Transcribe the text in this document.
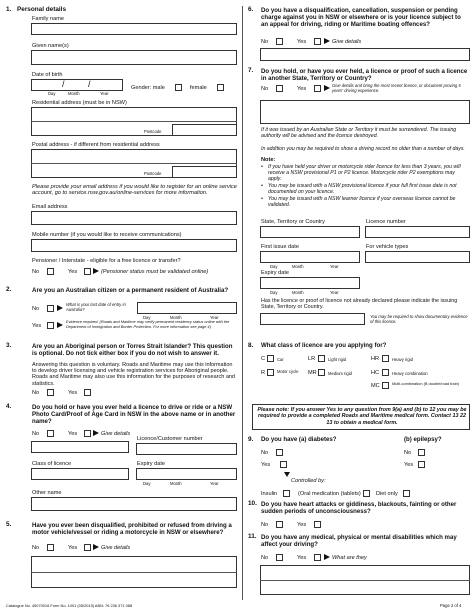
1. Personal details
Family name
Given name(s)
Date of birth
/	/
Day	Month	Year
Gender: male	female
Residential address (must be in NSW)
Postcode
Postal address - if different from residential address
Postcode
Please provide your email address if you would like to register for an online service account, go to service.nsw.gov.au/online-services for more information.
Email address
Mobile number (if you would like to receive communications)
Pensioner / Interstate - eligible for a free licence or transfer?
No	Yes	(Pensioner status must be validated online)
2.	Are you an Australian citizen or a permanent resident of Australia?
No
What is your last date of entry in Australia?
Day	Month	Year
Yes
Evidence required. (Roads and Maritime may verify permanent residency status online with the Department of Immigration and Border Protection. For more information see page 4)
3.	Are you an Aboriginal person or Torres Strait Islander? This question is optional. Do not tick either box if you do not wish to answer it.
Answering this question is voluntary. Roads and Maritime may use this information to develop driver licensing and vehicle registration services for Aboriginal people. Roads and Maritime may also use this information for the purposes of research and statistics.
No	Yes
4.	Do you hold or have you ever held a licence to drive or ride or a NSW Photo Card/Proof of Age Card in NSW in the above name or in another name?
No	Yes	Give details
Licence/Customer number
Class of licence	Expiry date
Day	Month	Year
Other name
5.	Have you ever been disqualified, prohibited or refused from driving a motor vehicle/vessel or riding a motorcycle in NSW or elsewhere?
No	Yes	Give details
Catalogue No. 45070016 Form No. 1001 (05/2015) ABN: 76 236 371 088
6. Do you have a disqualification, cancellation, suspension or pending charge against you in NSW or elsewhere or is your licence subject to an appeal for driving, riding or Maritime boating offences?
No	Yes	Give details
7. Do you hold, or have you ever held, a licence or proof of such a licence in another State, Territory or Country?
No	Yes
Give details and bring the most recent licence, or document proving 5 years' driving experience.
If it was issued by an Australian State or Territory it must be surrendered. The issuing authority will be advised and the licence destroyed.
In addition you may be required to show a driving record no older than a number of days.
Note:
• If you have held your driver or motorcycle rider licence for less than 3 years, you will receive a NSW provisional P1 or P2 licence. Motorcycle rider P2 exemptions may apply.
• You may be issued with a NSW provisional licence if your full first issue date is not documented on your licence.
• You may be issued with a NSW learner licence if your overseas licence cannot be validated.
State, Territory or Country	Licence number
First issue date
Day	Month	Year
For vehicle types
Expiry date
Day	Month	Year
Has the licence or proof of licence not already declared please indicate the issuing State, Territory or Country.
You may be required to show documentary evidence of this licence.
8. What class of licence are you applying for?
C	Car	LR	Light rigid	HR	Heavy rigid
R	Motor cycle	MR	Medium rigid	HC	Heavy combination
MC	Multi-combination (B double/road train)
Please note: If you answer Yes to any question from 9(a) and (b) to 12 you may be required to provide a completed Roads and Maritime medical form. Contact 13 22 13 to obtain a medical form.
9. Do you have (a) diabetes?	(b) epilepsy?
No	No
Yes	Yes
Controlled by:
Insulin	(Oral medication (tablets)	Diet only
10. Do you have heart attacks or giddiness, blackouts, fainting or other sudden periods of unconsciousness?
No	Yes
11. Do you have any medical, physical or mental disabilities which may affect your driving?
No	Yes	What are they
Page 2 of 4
